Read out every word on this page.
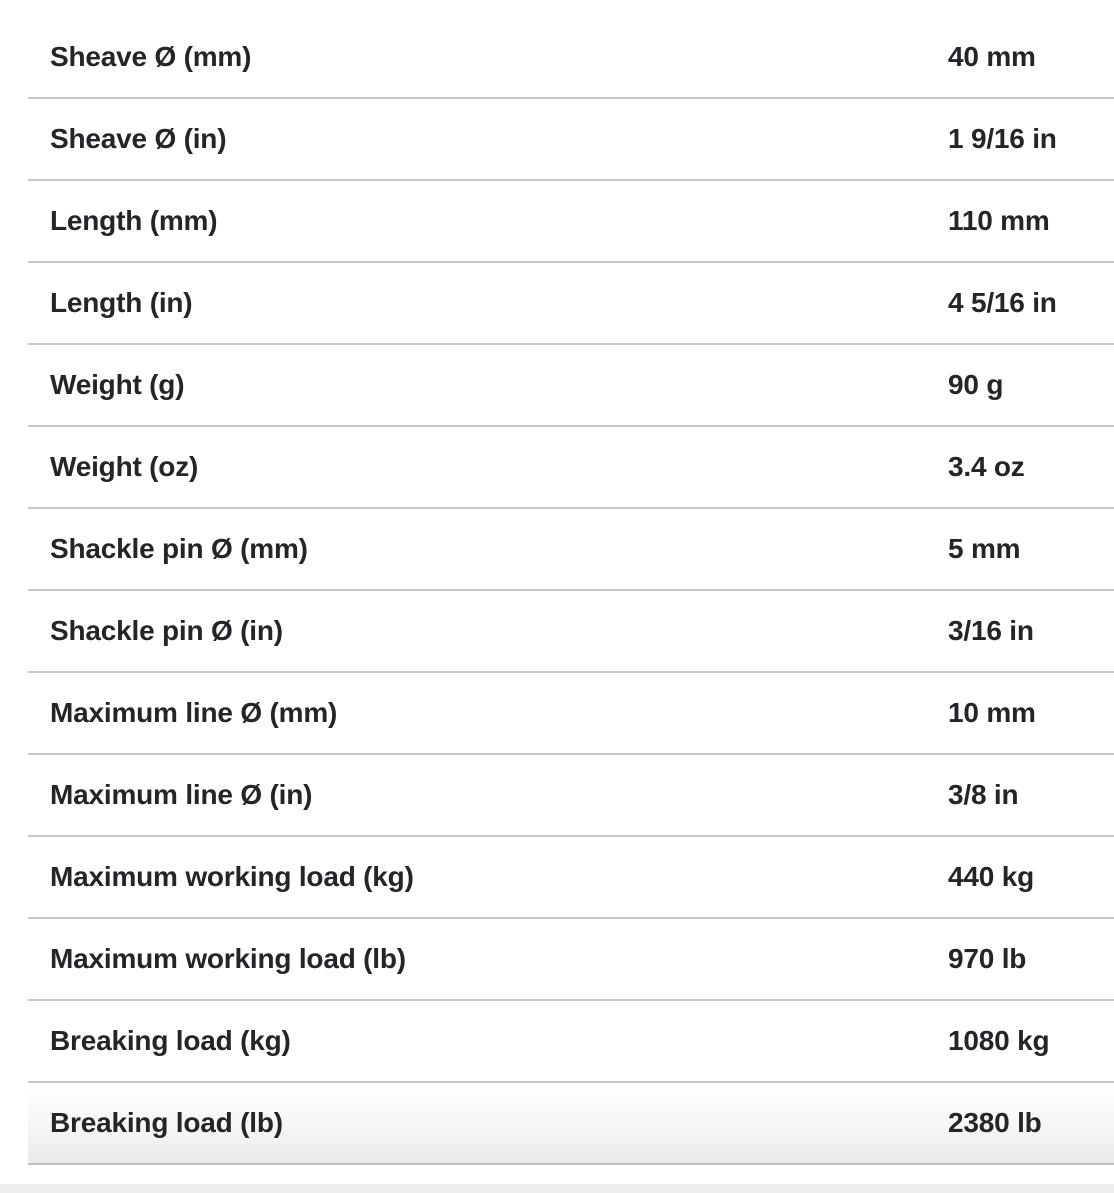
Sheave Ø (mm)	40 mm
Sheave Ø (in)	1 9/16 in
Length (mm)	110 mm
Length (in)	4 5/16 in
Weight (g)	90 g
Weight (oz)	3.4 oz
Shackle pin Ø (mm)	5 mm
Shackle pin Ø (in)	3/16 in
Maximum line Ø (mm)	10 mm
Maximum line Ø (in)	3/8 in
Maximum working load (kg)	440 kg
Maximum working load (lb)	970 lb
Breaking load (kg)	1080 kg
Breaking load (lb)	2380 lb
